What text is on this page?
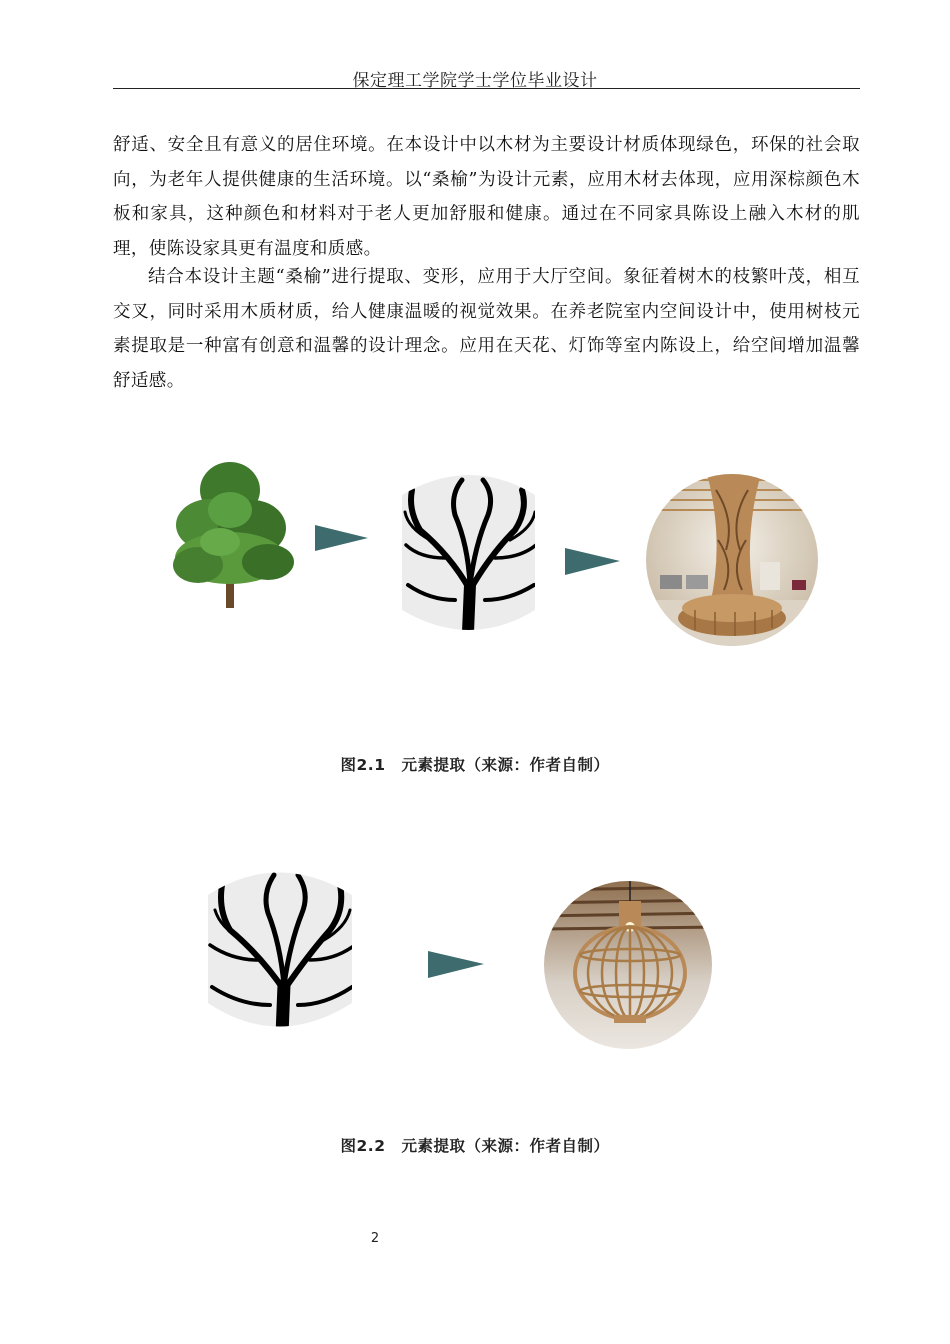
保定理工学院学士学位毕业设计

舒适、安全且有意义的居住环境。在本设计中以木材为主要设计材质体现绿色，环保的社会取向，为老年人提供健康的生活环境。以“桑榆”为设计元素，应用木材去体现，应用深棕颜色木板和家具，这种颜色和材料对于老人更加舒服和健康。通过在不同家具陈设上融入木材的肌理，使陈设家具更有温度和质感。

结合本设计主题“桑榆”进行提取、变形，应用于大厅空间。象征着树木的枝繁叶茂，相互交叉，同时采用木质材质，给人健康温暖的视觉效果。在养老院室内空间设计中，使用树枝元素提取是一种富有创意和温馨的设计理念。应用在天花、灯饰等室内陈设上，给空间增加温馨舒适感。

图2.1　元素提取（来源：作者自制）
图2.2　元素提取（来源：作者自制）
2
